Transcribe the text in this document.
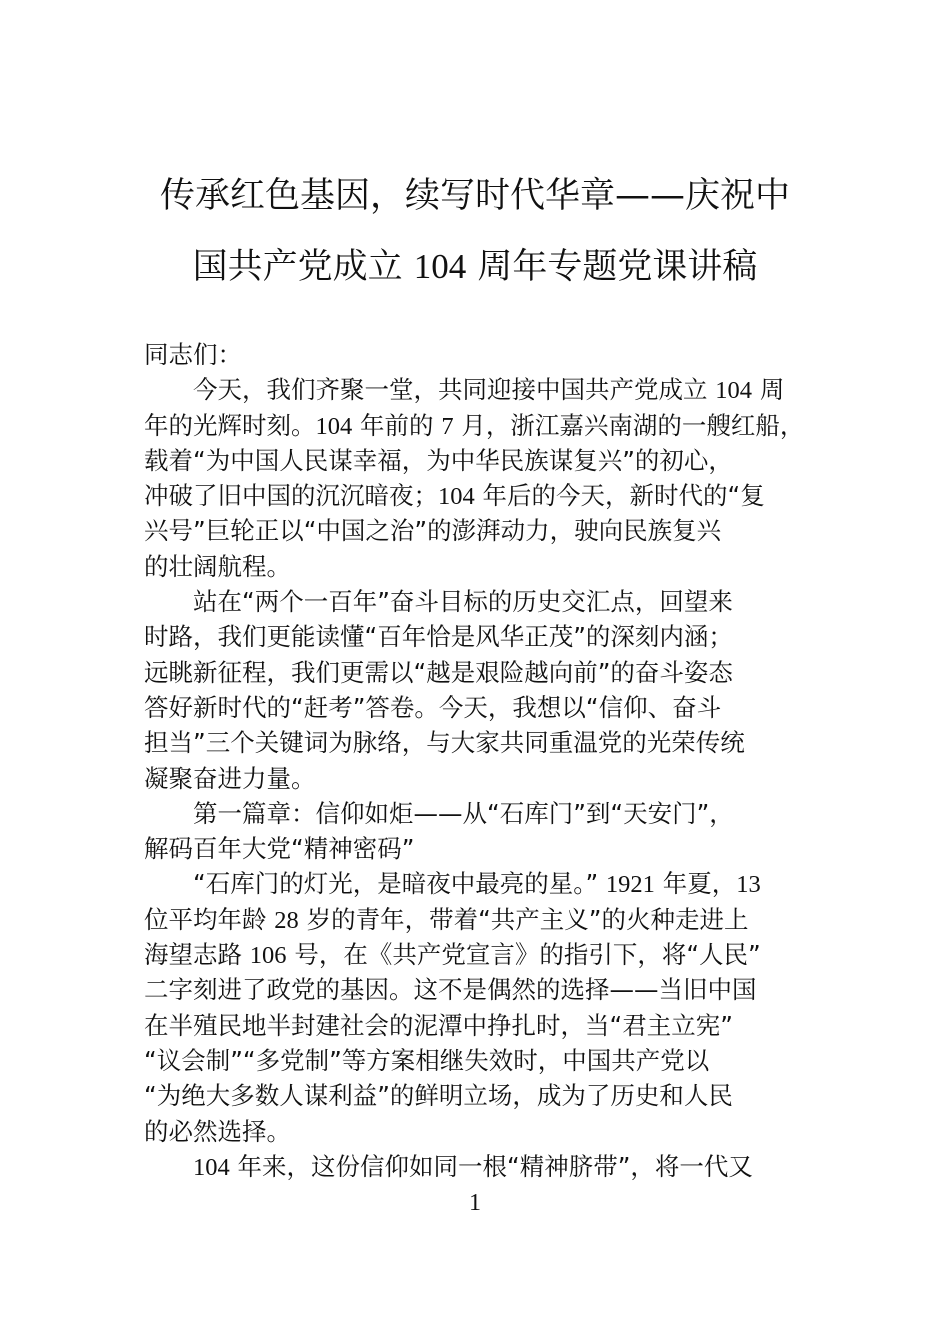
传承红色基因，续写时代华章——庆祝中
国共产党成立 104 周年专题党课讲稿
同志们：
今天，我们齐聚一堂，共同迎接中国共产党成立 104 周
年的光辉时刻。104 年前的 7 月，浙江嘉兴南湖的一艘红船，
载着“为中国人民谋幸福，为中华民族谋复兴”的初心，
冲破了旧中国的沉沉暗夜；104 年后的今天，新时代的“复
兴号”巨轮正以“中国之治”的澎湃动力，驶向民族复兴
的壮阔航程。
站在“两个一百年”奋斗目标的历史交汇点，回望来
时路，我们更能读懂“百年恰是风华正茂”的深刻内涵；
远眺新征程，我们更需以“越是艰险越向前”的奋斗姿态
答好新时代的“赶考”答卷。今天，我想以“信仰、奋斗
担当”三个关键词为脉络，与大家共同重温党的光荣传统
凝聚奋进力量。
第一篇章：信仰如炬——从“石库门”到“天安门”，
解码百年大党“精神密码”
“石库门的灯光，是暗夜中最亮的星。” 1921 年夏，13
位平均年龄 28 岁的青年，带着“共产主义”的火种走进上
海望志路 106 号，在《共产党宣言》的指引下，将“人民”
二字刻进了政党的基因。这不是偶然的选择——当旧中国
在半殖民地半封建社会的泥潭中挣扎时，当“君主立宪”
“议会制”“多党制”等方案相继失效时，中国共产党以
“为绝大多数人谋利益”的鲜明立场，成为了历史和人民
的必然选择。
104 年来，这份信仰如同一根“精神脐带”，将一代又
1
